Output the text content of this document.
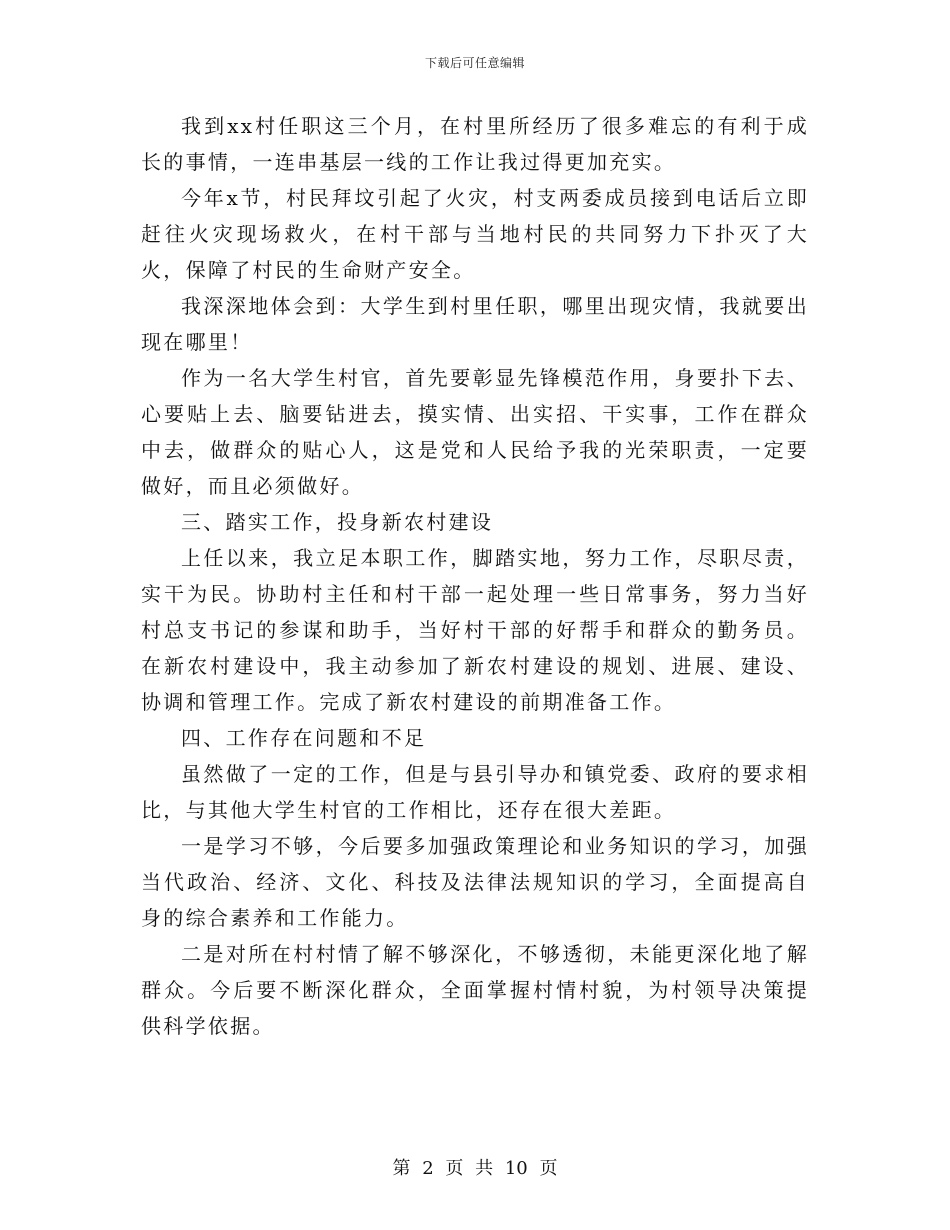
下载后可任意编辑

我到xx村任职这三个月，在村里所经历了很多难忘的有利于成长的事情，一连串基层一线的工作让我过得更加充实。

今年x节，村民拜坟引起了火灾，村支两委成员接到电话后立即赶往火灾现场救火，在村干部与当地村民的共同努力下扑灭了大火，保障了村民的生命财产安全。

我深深地体会到：大学生到村里任职，哪里出现灾情，我就要出现在哪里！

作为一名大学生村官，首先要彰显先锋模范作用，身要扑下去、心要贴上去、脑要钻进去，摸实情、出实招、干实事，工作在群众中去，做群众的贴心人，这是党和人民给予我的光荣职责，一定要做好，而且必须做好。

三、踏实工作，投身新农村建设

上任以来，我立足本职工作，脚踏实地，努力工作，尽职尽责，实干为民。协助村主任和村干部一起处理一些日常事务，努力当好村总支书记的参谋和助手，当好村干部的好帮手和群众的勤务员。在新农村建设中，我主动参加了新农村建设的规划、进展、建设、协调和管理工作。完成了新农村建设的前期准备工作。

四、工作存在问题和不足

虽然做了一定的工作，但是与县引导办和镇党委、政府的要求相比，与其他大学生村官的工作相比，还存在很大差距。

一是学习不够，今后要多加强政策理论和业务知识的学习，加强当代政治、经济、文化、科技及法律法规知识的学习，全面提高自身的综合素养和工作能力。

二是对所在村村情了解不够深化，不够透彻，未能更深化地了解群众。今后要不断深化群众，全面掌握村情村貌，为村领导决策提供科学依据。

第 2 页 共 10 页
